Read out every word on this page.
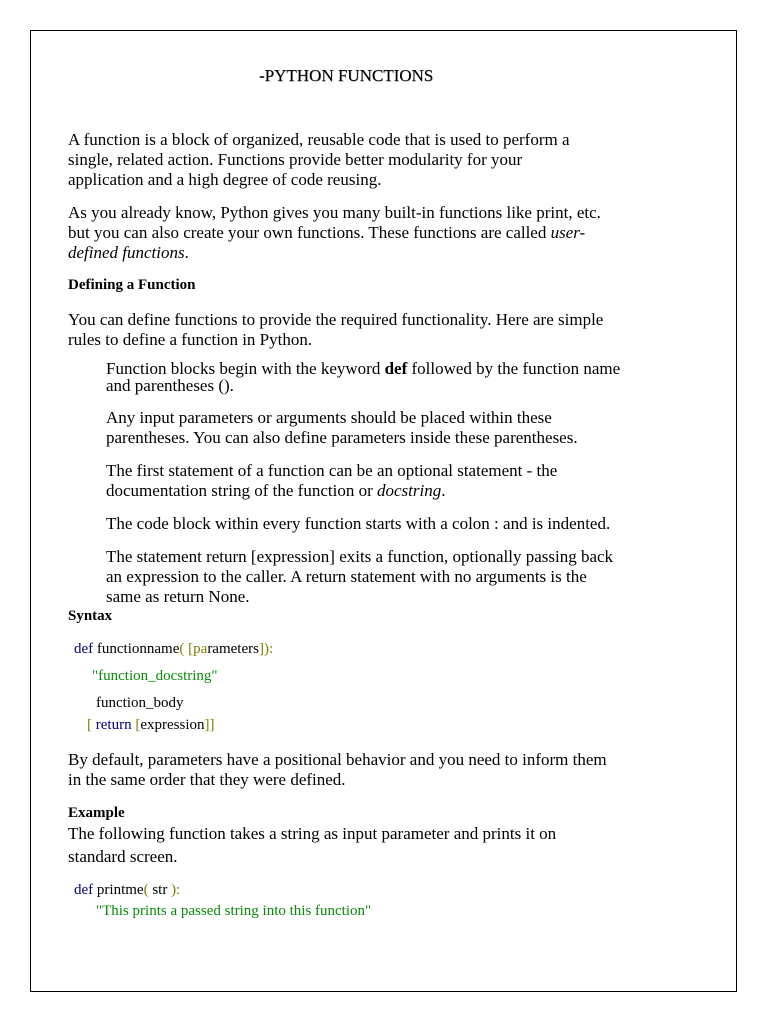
-PYTHON FUNCTIONS

A function is a block of organized, reusable code that is used to perform a

single, related action. Functions provide better modularity for your

application and a high degree of code reusing.

As you already know, Python gives you many built-in functions like print, etc.

but you can also create your own functions. These functions are called user-

defined functions.

Defining a Function

You can define functions to provide the required functionality. Here are simple

rules to define a function in Python.

Function blocks begin with the keyword def followed by the function name

and parentheses ().

Any input parameters or arguments should be placed within these

parentheses. You can also define parameters inside these parentheses.

The first statement of a function can be an optional statement - the

documentation string of the function or docstring.

The code block within every function starts with a colon : and is indented.

The statement return [expression] exits a function, optionally passing back

an expression to the caller. A return statement with no arguments is the

same as return None.

Syntax

def functionname( [parameters]):

"function_docstring"

function_body

[ return [expression]]

By default, parameters have a positional behavior and you need to inform them

in the same order that they were defined.

Example

The following function takes a string as input parameter and prints it on

standard screen.

def printme( str ):

"This prints a passed string into this function"
